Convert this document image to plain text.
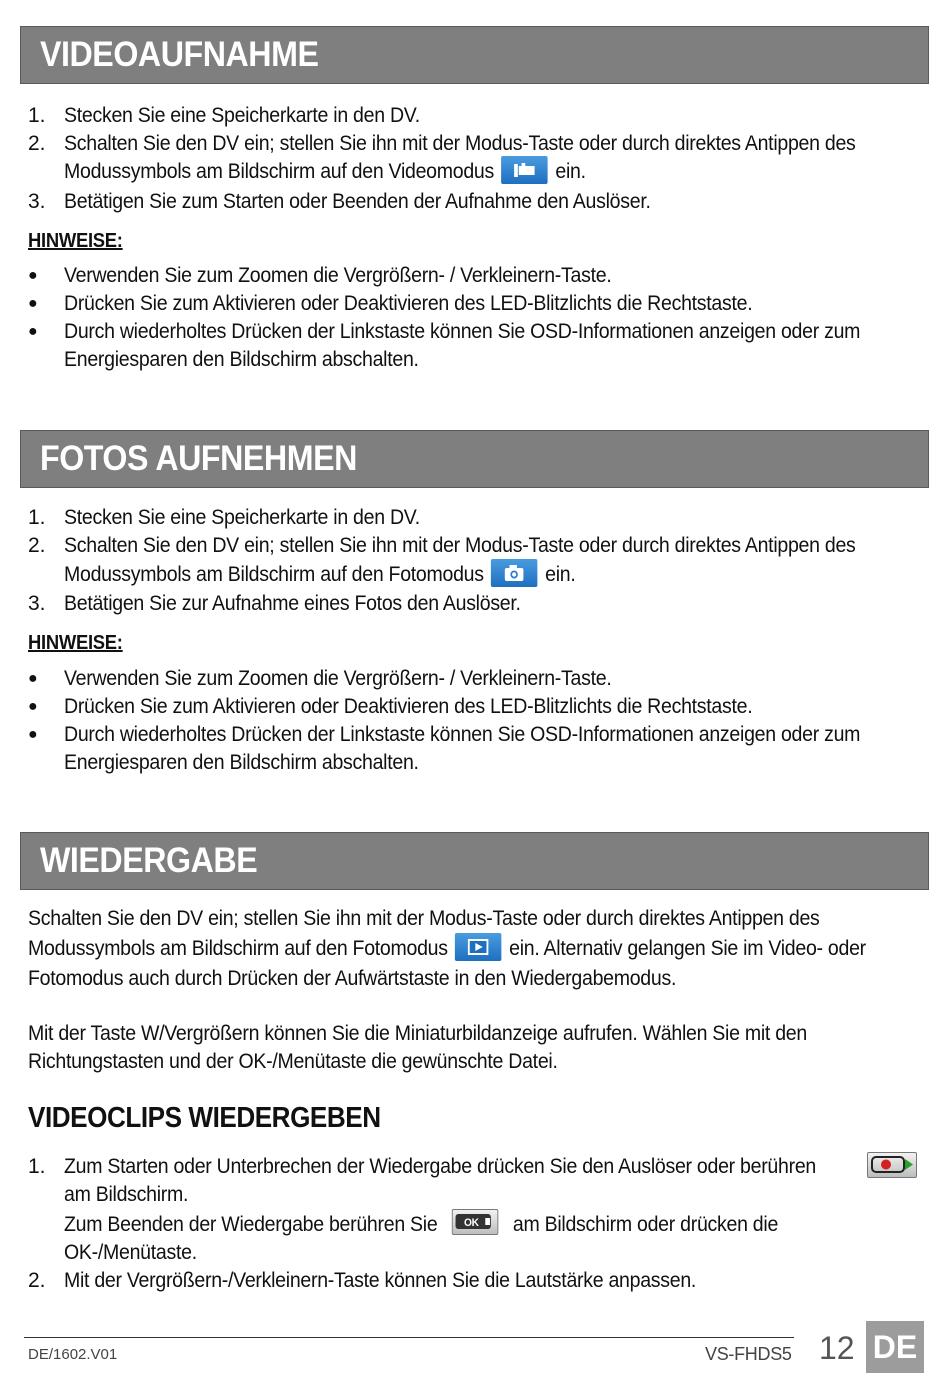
VIDEOAUFNAHME
1. Stecken Sie eine Speicherkarte in den DV.
2. Schalten Sie den DV ein; stellen Sie ihn mit der Modus-Taste oder durch direktes Antippen des
Modussymbols am Bildschirm auf den Videomodus	ein.
3. Betätigen Sie zum Starten oder Beenden der Aufnahme den Auslöser.
HINWEISE:
● Verwenden Sie zum Zoomen die Vergrößern- / Verkleinern-Taste.
● Drücken Sie zum Aktivieren oder Deaktivieren des LED-Blitzlichts die Rechtstaste.
● Durch wiederholtes Drücken der Linkstaste können Sie OSD-Informationen anzeigen oder zum
Energiesparen den Bildschirm abschalten.
FOTOS AUFNEHMEN
1. Stecken Sie eine Speicherkarte in den DV.
2. Schalten Sie den DV ein; stellen Sie ihn mit der Modus-Taste oder durch direktes Antippen des
Modussymbols am Bildschirm auf den Fotomodus	ein.
3. Betätigen Sie zur Aufnahme eines Fotos den Auslöser.
HINWEISE:
● Verwenden Sie zum Zoomen die Vergrößern- / Verkleinern-Taste.
● Drücken Sie zum Aktivieren oder Deaktivieren des LED-Blitzlichts die Rechtstaste.
● Durch wiederholtes Drücken der Linkstaste können Sie OSD-Informationen anzeigen oder zum
Energiesparen den Bildschirm abschalten.
WIEDERGABE
Schalten Sie den DV ein; stellen Sie ihn mit der Modus-Taste oder durch direktes Antippen des
Modussymbols am Bildschirm auf den Fotomodus	ein. Alternativ gelangen Sie im Video- oder
Fotomodus auch durch Drücken der Aufwärtstaste in den Wiedergabemodus.
Mit der Taste W/Vergrößern können Sie die Miniaturbildanzeige aufrufen. Wählen Sie mit den
Richtungstasten und der OK-/Menütaste die gewünschte Datei.
VIDEOCLIPS WIEDERGEBEN
1. Zum Starten oder Unterbrechen der Wiedergabe drücken Sie den Auslöser oder berühren
am Bildschirm.
Zum Beenden der Wiedergabe berühren Sie OK am Bildschirm oder drücken die
OK-/Menütaste.
2. Mit der Vergrößern-/Verkleinern-Taste können Sie die Lautstärke anpassen.
DE/1602.V01	VS-FHDS5 12 DE
